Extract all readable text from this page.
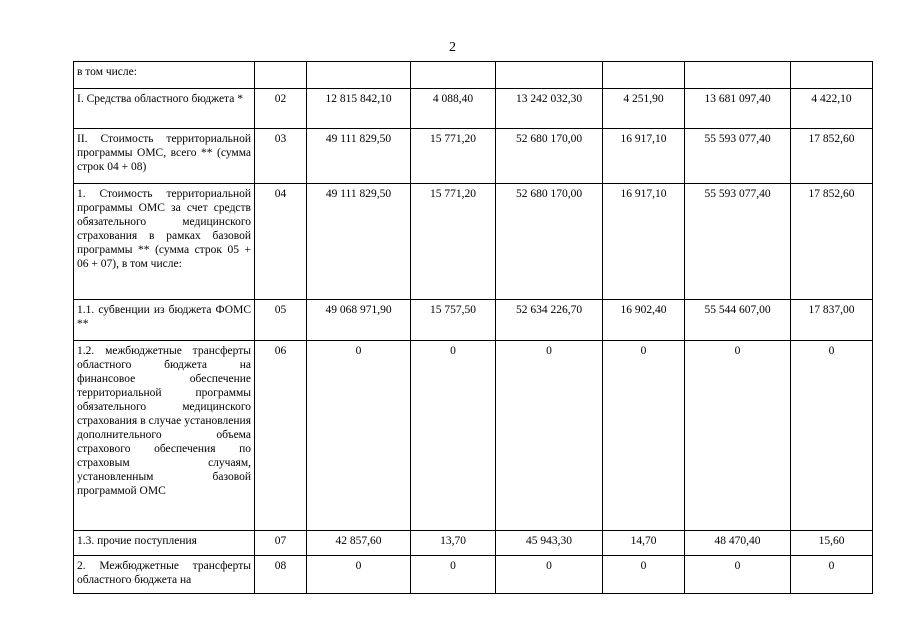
2
в том числе:							
I. Средства областного бюджета *	02	12 815 842,10	4 088,40	13 242 032,30	4 251,90	13 681 097,40	4 422,10
II. Стоимость территориальной программы ОМС, всего ** (сумма строк 04 + 08)	03	49 111 829,50	15 771,20	52 680 170,00	16 917,10	55 593 077,40	17 852,60
1. Стоимость территориальной программы ОМС за счет средств обязательного медицинского страхования в рамках базовой программы ** (сумма строк 05 + 06 + 07), в том числе:	04	49 111 829,50	15 771,20	52 680 170,00	16 917,10	55 593 077,40	17 852,60
1.1. субвенции из бюджета ФОМС **	05	49 068 971,90	15 757,50	52 634 226,70	16 902,40	55 544 607,00	17 837,00
1.2. межбюджетные трансферты областного бюджета на финансовое обеспечение территориальной программы обязательного медицинского страхования в случае установления дополнительного объема страхового обеспечения по страховым случаям, установленным базовой программой ОМС	06	0	0	0	0	0	0
1.3. прочие поступления	07	42 857,60	13,70	45 943,30	14,70	48 470,40	15,60
2. Межбюджетные трансферты областного бюджета на	08	0	0	0	0	0	0
